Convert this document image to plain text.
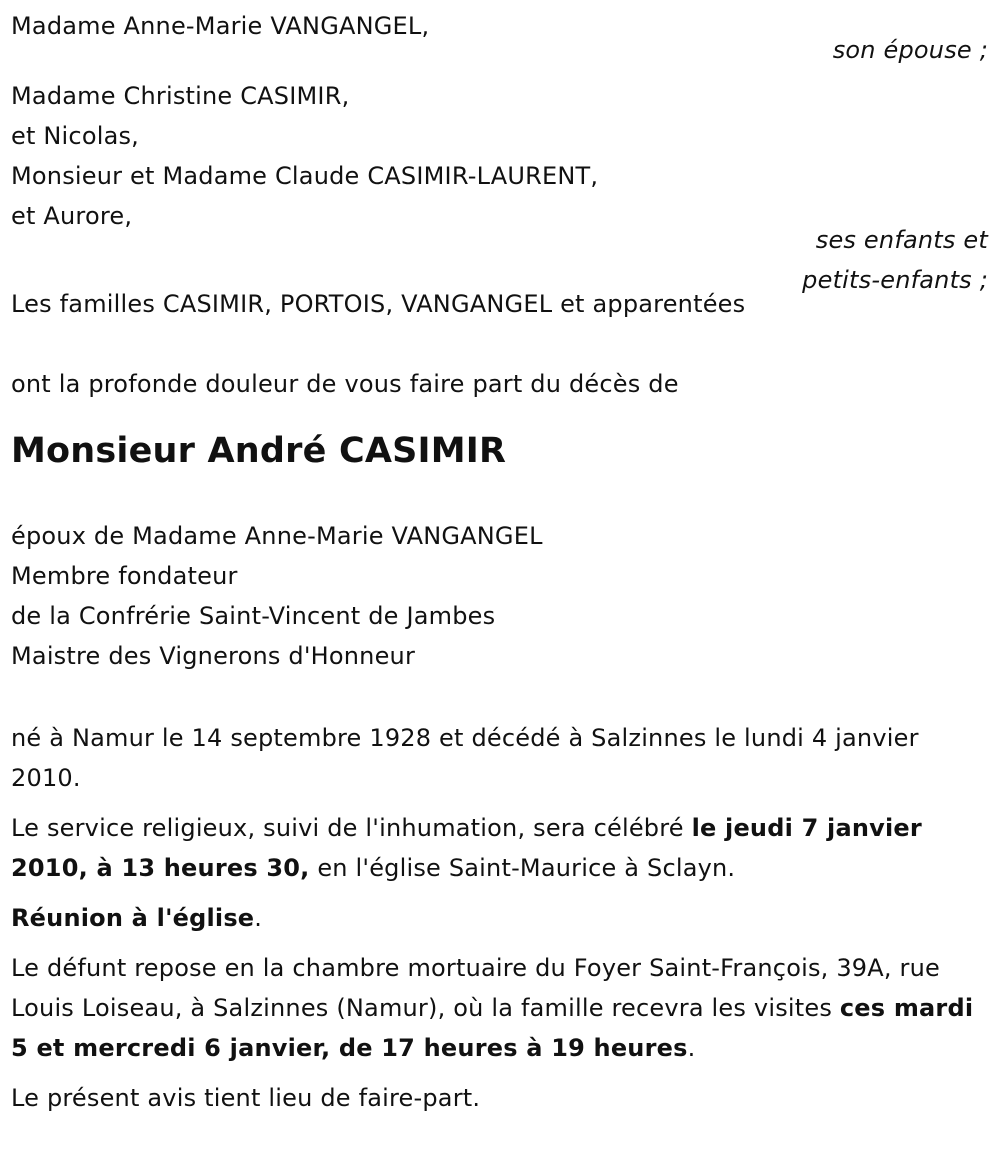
Madame Anne-Marie VANGANGEL,

son épouse ;

Madame Christine CASIMIR,

et Nicolas,

Monsieur et Madame Claude CASIMIR-LAURENT,

et Aurore,

ses enfants et

petits-enfants ;

Les familles CASIMIR, PORTOIS, VANGANGEL et apparentées

ont la profonde douleur de vous faire part du décès de

Monsieur André CASIMIR

époux de Madame Anne-Marie VANGANGEL

Membre fondateur

de la Confrérie Saint-Vincent de Jambes

Maistre des Vignerons d'Honneur

né à Namur le 14 septembre 1928 et décédé à Salzinnes le lundi 4 janvier 2010.

Le service religieux, suivi de l'inhumation, sera célébré le jeudi 7 janvier 2010, à 13 heures 30, en l'église Saint-Maurice à Sclayn.

Réunion à l'église.

Le défunt repose en la chambre mortuaire du Foyer Saint-François, 39A, rue Louis Loiseau, à Salzinnes (Namur), où la famille recevra les visites ces mardi 5 et mercredi 6 janvier, de 17 heures à 19 heures.

Le présent avis tient lieu de faire-part.
